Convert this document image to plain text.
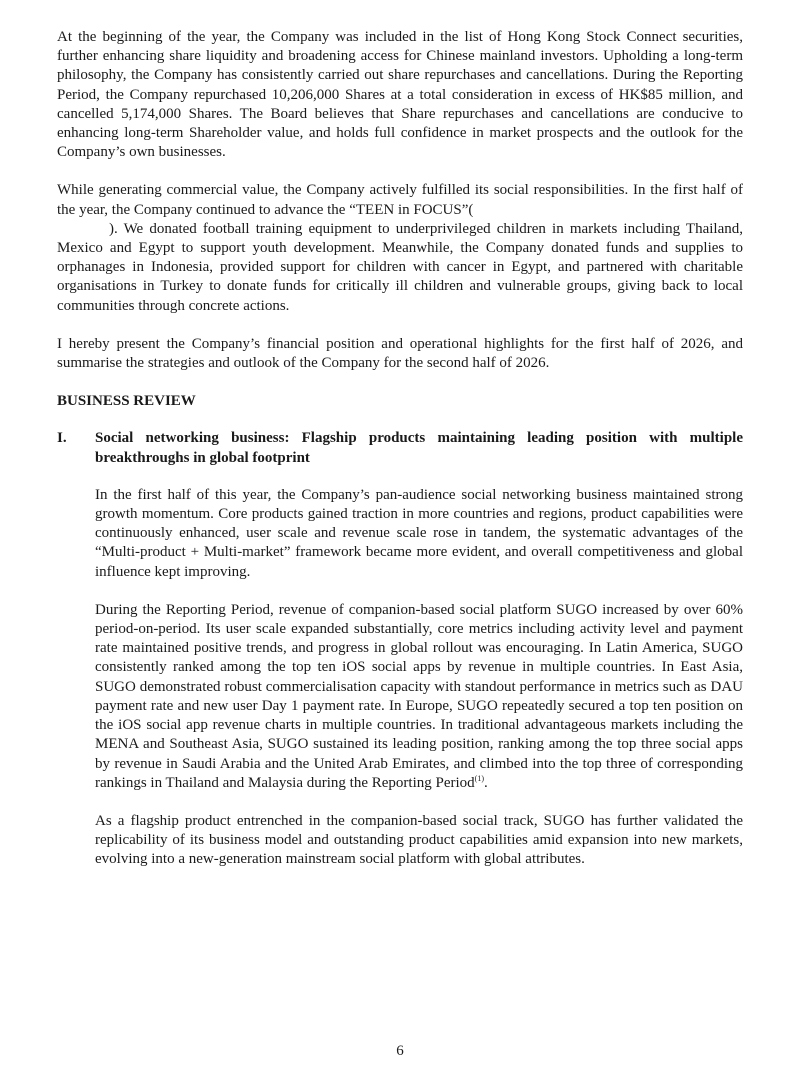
At the beginning of the year, the Company was included in the list of Hong Kong Stock Connect securities, further enhancing share liquidity and broadening access for Chinese mainland investors. Upholding a long-term philosophy, the Company has consistently carried out share repurchases and cancellations. During the Reporting Period, the Company repurchased 10,206,000 Shares at a total consideration in excess of HK$85 million, and cancelled 5,174,000 Shares. The Board believes that Share repurchases and cancellations are conducive to enhancing long-term Shareholder value, and holds full confidence in market prospects and the outlook for the Company’s own businesses.

While generating commercial value, the Company actively fulfilled its social responsibilities. In the first half of the year, the Company continued to advance the “TEEN in FOCUS”(
). We donated football training equipment to underprivileged children in markets including Thailand, Mexico and Egypt to support youth development. Meanwhile, the Company donated funds and supplies to orphanages in Indonesia, provided support for children with cancer in Egypt, and partnered with charitable organisations in Turkey to donate funds for critically ill children and vulnerable groups, giving back to local communities through concrete actions.

I hereby present the Company’s financial position and operational highlights for the first half of 2026, and summarise the strategies and outlook of the Company for the second half of 2026.

BUSINESS REVIEW
I.	Social networking business: Flagship products maintaining leading position with multiple breakthroughs in global footprint

In the first half of this year, the Company’s pan-audience social networking business maintained strong growth momentum. Core products gained traction in more countries and regions, product capabilities were continuously enhanced, user scale and revenue scale rose in tandem, the systematic advantages of the “Multi-product + Multi-market” framework became more evident, and overall competitiveness and global influence kept improving.

During the Reporting Period, revenue of companion-based social platform SUGO increased by over 60% period-on-period. Its user scale expanded substantially, core metrics including activity level and payment rate maintained positive trends, and progress in global rollout was encouraging. In Latin America, SUGO consistently ranked among the top ten iOS social apps by revenue in multiple countries. In East Asia, SUGO demonstrated robust commercialisation capacity with standout performance in metrics such as DAU payment rate and new user Day 1 payment rate. In Europe, SUGO repeatedly secured a top ten position on the iOS social app revenue charts in multiple countries. In traditional advantageous markets including the MENA and Southeast Asia, SUGO sustained its leading position, ranking among the top three social apps by revenue in Saudi Arabia and the United Arab Emirates, and climbed into the top three of corresponding rankings in Thailand and Malaysia during the Reporting Period$^{(1)}$.

As a flagship product entrenched in the companion-based social track, SUGO has further validated the replicability of its business model and outstanding product capabilities amid expansion into new markets, evolving into a new-generation mainstream social platform with global attributes.

6
